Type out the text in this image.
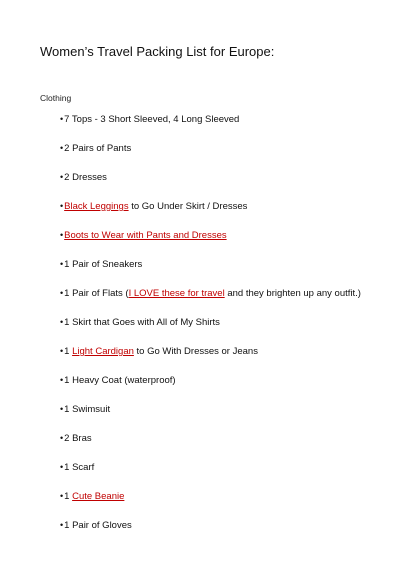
Women’s Travel Packing List for Europe:
Clothing
•7 Tops - 3 Short Sleeved, 4 Long Sleeved
•2 Pairs of Pants
•2 Dresses
•Black Leggings to Go Under Skirt / Dresses
•Boots to Wear with Pants and Dresses
•1 Pair of Sneakers
•1 Pair of Flats (I LOVE these for travel and they brighten up any outfit.)
•1 Skirt that Goes with All of My Shirts
•1 Light Cardigan to Go With Dresses or Jeans
•1 Heavy Coat (waterproof)
•1 Swimsuit
•2 Bras
•1 Scarf
•1 Cute Beanie
•1 Pair of Gloves
